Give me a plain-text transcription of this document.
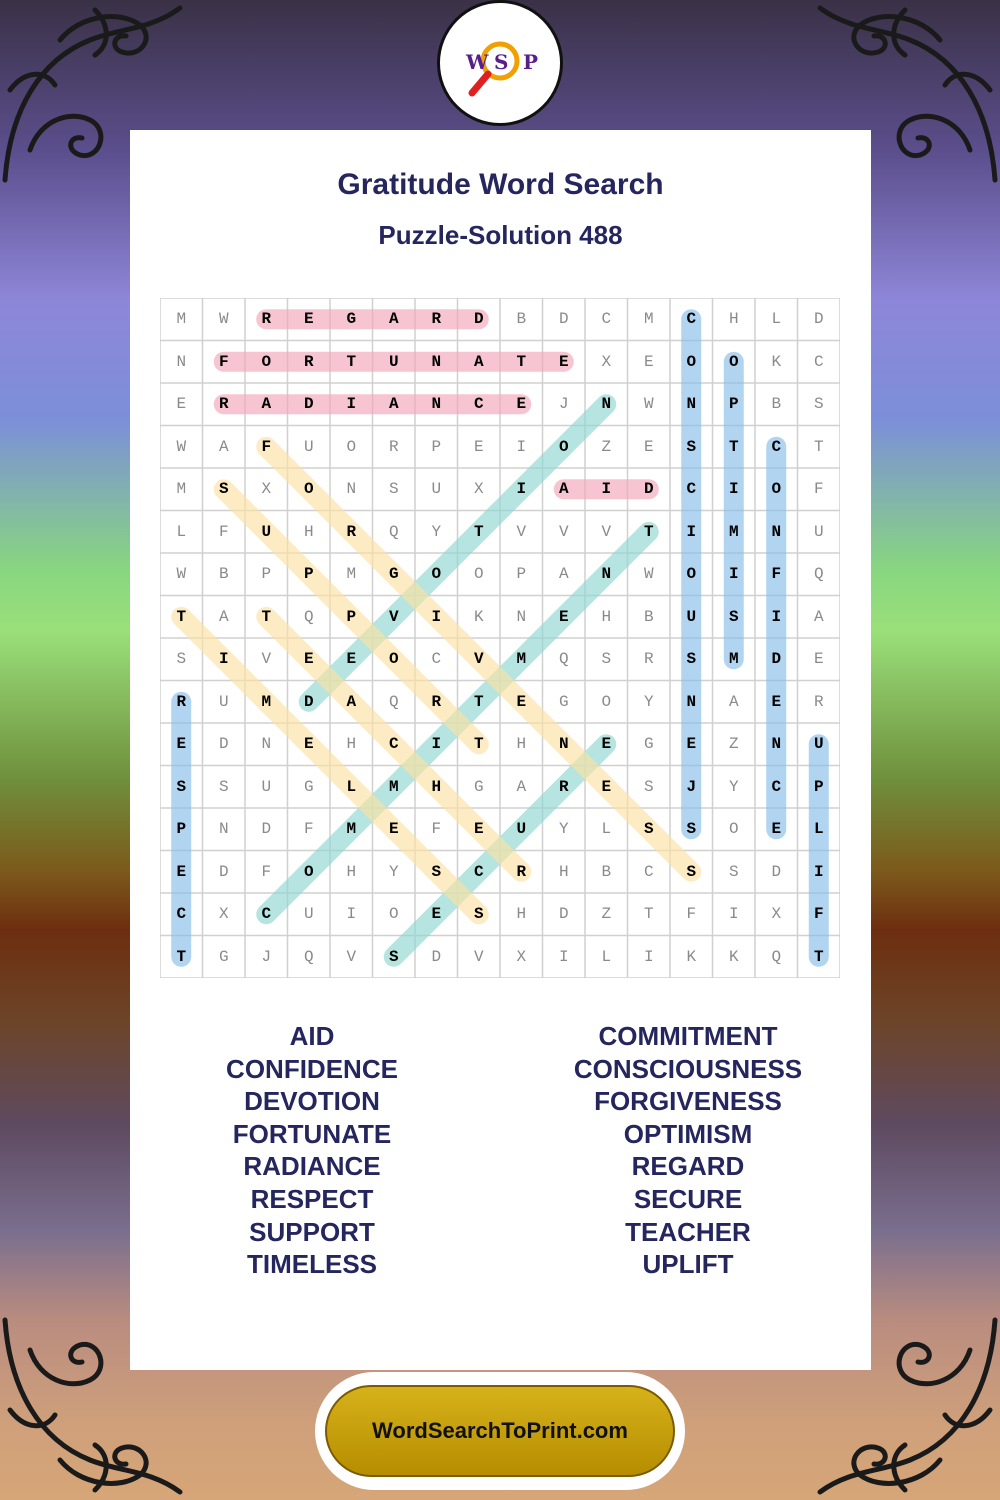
W S P
Gratitude Word Search
Puzzle-Solution 488
M	W	R	E	G	A	R	D	B	D	C	M	C	H	L	D
N	F	O	R	T	U	N	A	T	E	X	E	O	O	K	C
E	R	A	D	I	A	N	C	E	J	N	W	N	P	B	S
W	A	F	U	O	R	P	E	I	O	Z	E	S	T	C	T
M	S	X	O	N	S	U	X	I	A	I	D	C	I	O	F
L	F	U	H	R	Q	Y	T	V	V	V	T	I	M	N	U
W	B	P	P	M	G	O	O	P	A	N	W	O	I	F	Q
T	A	T	Q	P	V	I	K	N	E	H	B	U	S	I	A
S	I	V	E	E	O	C	V	M	Q	S	R	S	M	D	E
R	U	M	D	A	Q	R	T	E	G	O	Y	N	A	E	R
E	D	N	E	H	C	I	T	H	N	E	G	E	Z	N	U
S	S	U	G	L	M	H	G	A	R	E	S	J	Y	C	P
P	N	D	F	M	E	F	E	U	Y	L	S	S	O	E	L
E	D	F	O	H	Y	S	C	R	H	B	C	S	S	D	I
C	X	C	U	I	O	E	S	H	D	Z	T	F	I	X	F
T	G	J	Q	V	S	D	V	X	I	L	I	K	K	Q	T
AID
CONFIDENCE
DEVOTION
FORTUNATE
RADIANCE
RESPECT
SUPPORT
TIMELESS
COMMITMENT
CONSCIOUSNESS
FORGIVENESS
OPTIMISM
REGARD
SECURE
TEACHER
UPLIFT
WordSearchToPrint.com
